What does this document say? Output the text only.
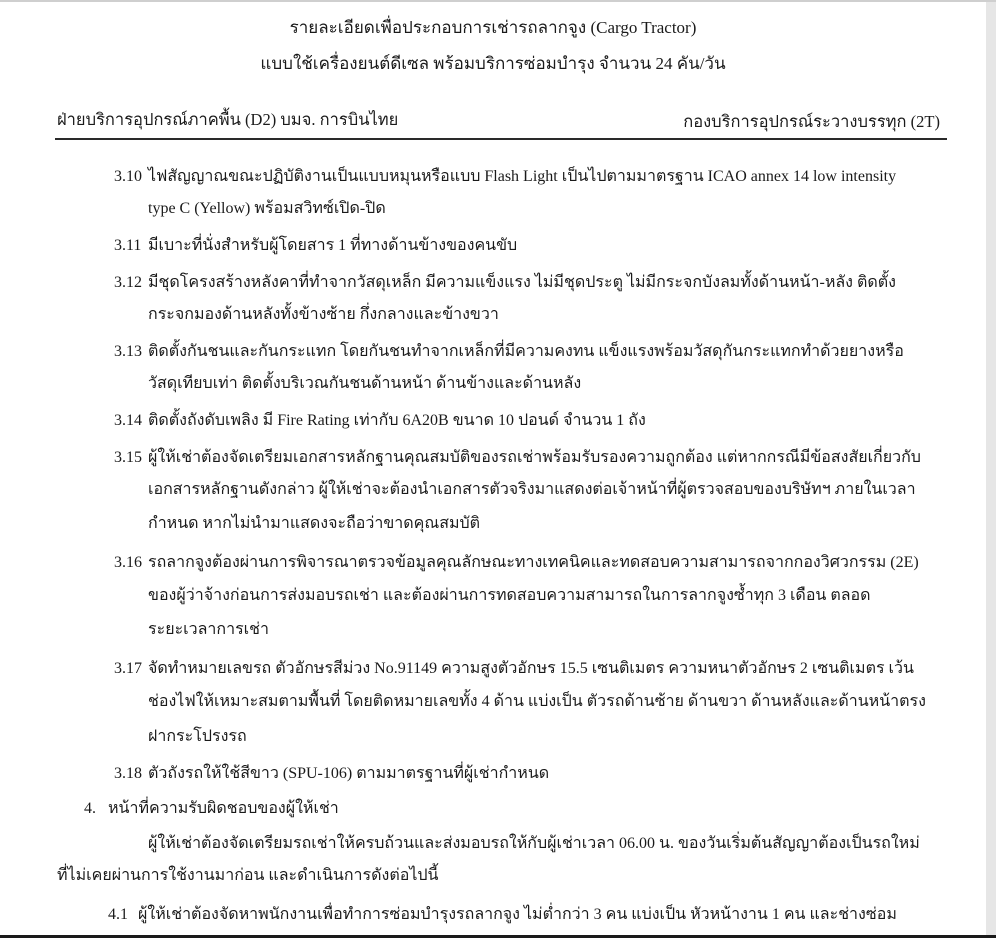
รายละเอียดเพื่อประกอบการเช่ารถลากจูง (Cargo Tractor)
แบบใช้เครื่องยนต์ดีเซล พร้อมบริการซ่อมบำรุง จำนวน 24 คัน/วัน
ฝ่ายบริการอุปกรณ์ภาคพื้น (D2) บมจ. การบินไทย	กองบริการอุปกรณ์ระวางบรรทุก (2T)
3.10 ไฟสัญญาณขณะปฏิบัติงานเป็นแบบหมุนหรือแบบ Flash Light เป็นไปตามมาตรฐาน ICAO annex 14 low intensity
type C (Yellow) พร้อมสวิทซ์เปิด-ปิด
3.11 มีเบาะที่นั่งสำหรับผู้โดยสาร 1 ที่ทางด้านข้างของคนขับ
3.12 มีชุดโครงสร้างหลังคาที่ทำจากวัสดุเหล็ก มีความแข็งแรง ไม่มีชุดประตู ไม่มีกระจกบังลมทั้งด้านหน้า-หลัง ติดตั้ง
กระจกมองด้านหลังทั้งข้างซ้าย กึ่งกลางและข้างขวา
3.13 ติดตั้งกันชนและกันกระแทก โดยกันชนทำจากเหล็กที่มีความคงทน แข็งแรงพร้อมวัสดุกันกระแทกทำด้วยยางหรือ
วัสดุเทียบเท่า ติดตั้งบริเวณกันชนด้านหน้า ด้านข้างและด้านหลัง
3.14 ติดตั้งถังดับเพลิง มี Fire Rating เท่ากับ 6A20B ขนาด 10 ปอนด์ จำนวน 1 ถัง
3.15 ผู้ให้เช่าต้องจัดเตรียมเอกสารหลักฐานคุณสมบัติของรถเช่าพร้อมรับรองความถูกต้อง แต่หากกรณีมีข้อสงสัยเกี่ยวกับ
เอกสารหลักฐานดังกล่าว ผู้ให้เช่าจะต้องนำเอกสารตัวจริงมาแสดงต่อเจ้าหน้าที่ผู้ตรวจสอบของบริษัทฯ ภายในเวลา
กำหนด หากไม่นำมาแสดงจะถือว่าขาดคุณสมบัติ
3.16 รถลากจูงต้องผ่านการพิจารณาตรวจข้อมูลคุณลักษณะทางเทคนิคและทดสอบความสามารถจากกองวิศวกรรม (2E)
ของผู้ว่าจ้างก่อนการส่งมอบรถเช่า และต้องผ่านการทดสอบความสามารถในการลากจูงซ้ำทุก 3 เดือน ตลอด
ระยะเวลาการเช่า
3.17 จัดทำหมายเลขรถ ตัวอักษรสีม่วง No.91149 ความสูงตัวอักษร 15.5 เซนติเมตร ความหนาตัวอักษร 2 เซนติเมตร เว้น
ช่องไฟให้เหมาะสมตามพื้นที่ โดยติดหมายเลขทั้ง 4 ด้าน แบ่งเป็น ตัวรถด้านซ้าย ด้านขวา ด้านหลังและด้านหน้าตรง
ฝากระโปรงรถ
3.18 ตัวถังรถให้ใช้สีขาว (SPU-106) ตามมาตรฐานที่ผู้เช่ากำหนด
4. หน้าที่ความรับผิดชอบของผู้ให้เช่า
ผู้ให้เช่าต้องจัดเตรียมรถเช่าให้ครบถ้วนและส่งมอบรถให้กับผู้เช่าเวลา 06.00 น. ของวันเริ่มต้นสัญญาต้องเป็นรถใหม่
ที่ไม่เคยผ่านการใช้งานมาก่อน และดำเนินการดังต่อไปนี้
4.1 ผู้ให้เช่าต้องจัดหาพนักงานเพื่อทำการซ่อมบำรุงรถลากจูง ไม่ต่ำกว่า 3 คน แบ่งเป็น หัวหน้างาน 1 คน และช่างซ่อม
